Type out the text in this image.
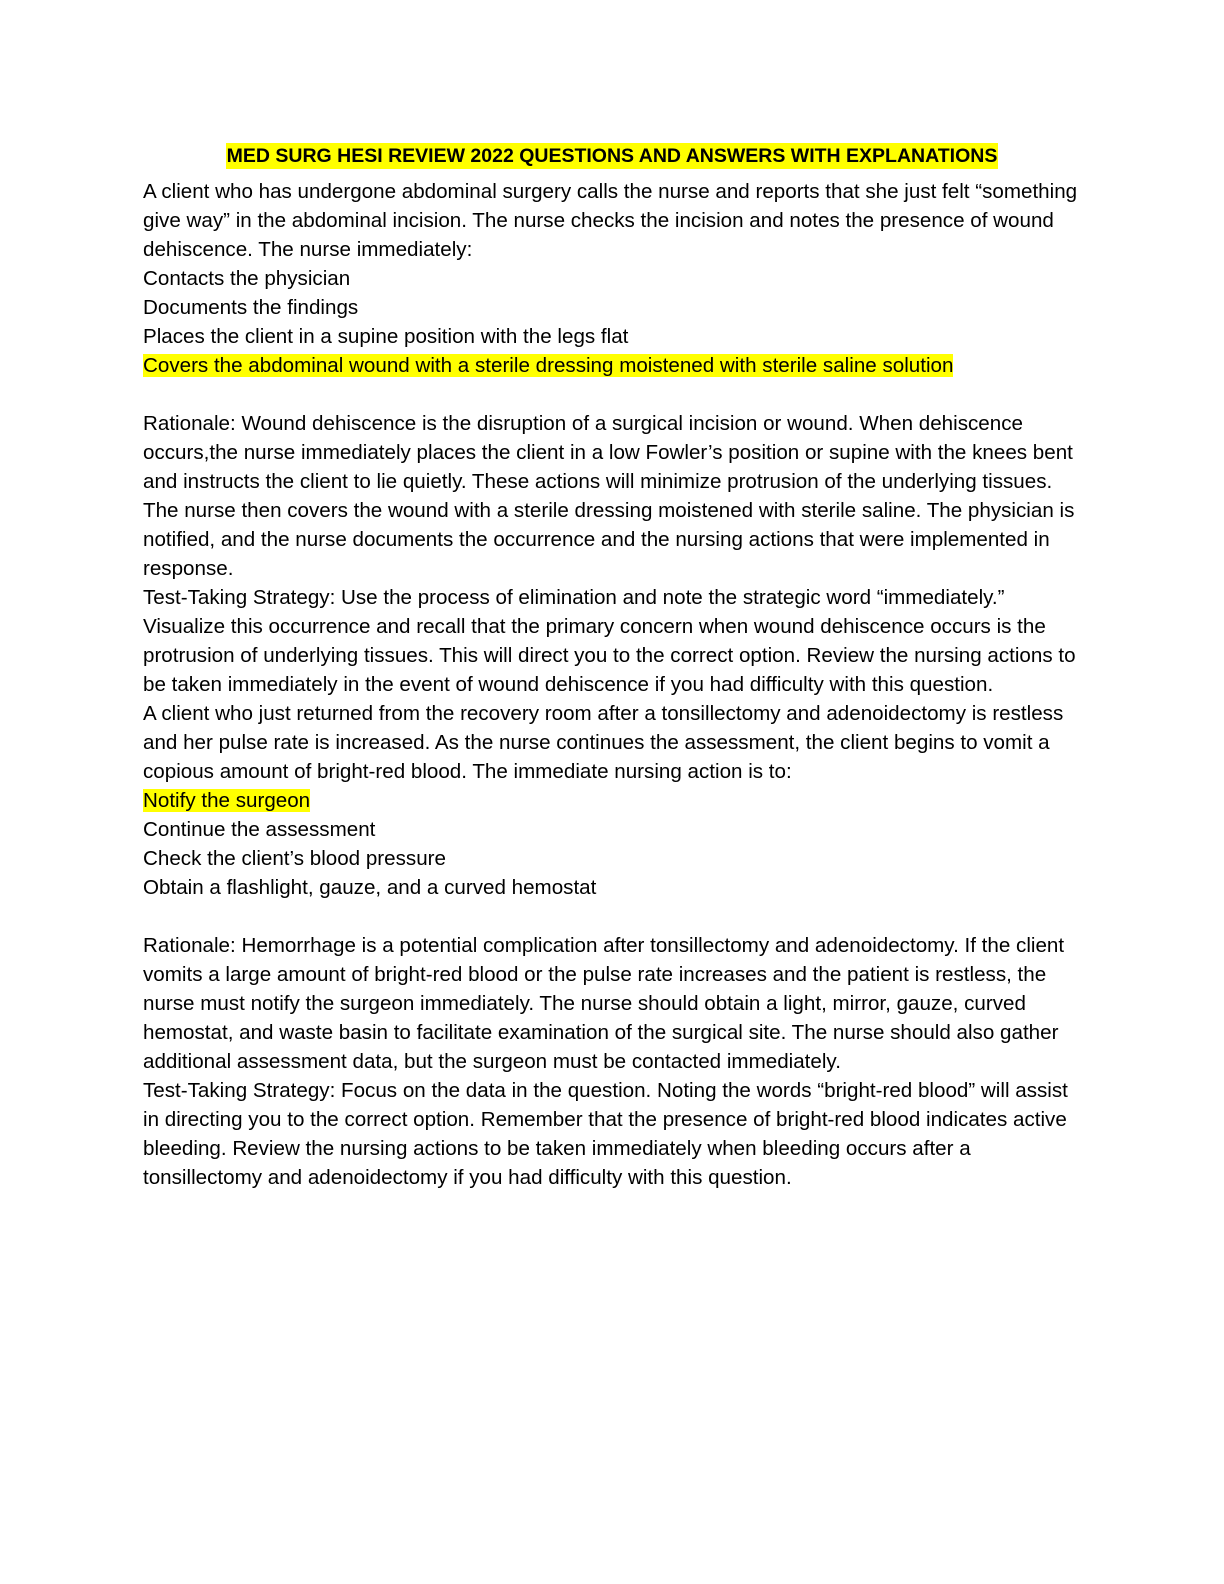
MED SURG HESI REVIEW 2022 QUESTIONS AND ANSWERS WITH EXPLANATIONS

A client who has undergone abdominal surgery calls the nurse and reports that she just felt “something give way” in the abdominal incision. The nurse checks the incision and notes the presence of wound dehiscence. The nurse immediately:

Contacts the physician

Documents the findings

Places the client in a supine position with the legs flat

Covers the abdominal wound with a sterile dressing moistened with sterile saline solution

Rationale: Wound dehiscence is the disruption of a surgical incision or wound. When dehiscence occurs,the nurse immediately places the client in a low Fowler’s position or supine with the knees bent and instructs the client to lie quietly. These actions will minimize protrusion of the underlying tissues. The nurse then covers the wound with a sterile dressing moistened with sterile saline. The physician is notified, and the nurse documents the occurrence and the nursing actions that were implemented in response.

Test-Taking Strategy: Use the process of elimination and note the strategic word “immediately.” Visualize this occurrence and recall that the primary concern when wound dehiscence occurs is the protrusion of underlying tissues. This will direct you to the correct option. Review the nursing actions to be taken immediately in the event of wound dehiscence if you had difficulty with this question.

A client who just returned from the recovery room after a tonsillectomy and adenoidectomy is restless and her pulse rate is increased. As the nurse continues the assessment, the client begins to vomit a copious amount of bright-red blood. The immediate nursing action is to:

Notify the surgeon

Continue the assessment

Check the client’s blood pressure

Obtain a flashlight, gauze, and a curved hemostat

Rationale: Hemorrhage is a potential complication after tonsillectomy and adenoidectomy. If the client vomits a large amount of bright-red blood or the pulse rate increases and the patient is restless, the nurse must notify the surgeon immediately. The nurse should obtain a light, mirror, gauze, curved hemostat, and waste basin to facilitate examination of the surgical site. The nurse should also gather additional assessment data, but the surgeon must be contacted immediately.

Test-Taking Strategy: Focus on the data in the question. Noting the words “bright-red blood” will assist in directing you to the correct option. Remember that the presence of bright-red blood indicates active bleeding. Review the nursing actions to be taken immediately when bleeding occurs after a tonsillectomy and adenoidectomy if you had difficulty with this question.
